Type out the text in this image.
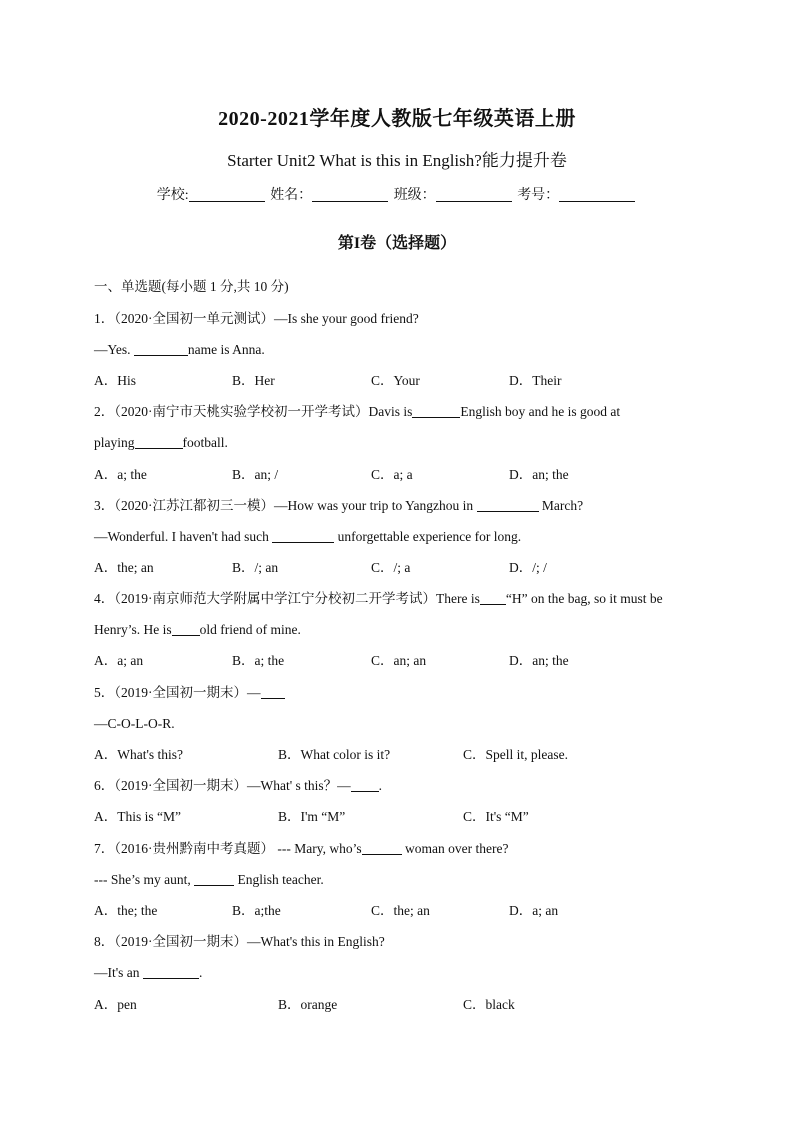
2020-2021学年度人教版七年级英语上册
Starter Unit2 What is this in English?能力提升卷
学校:	姓名：	班级：	考号：
第I卷（选择题）
一、单选题(每小题 1 分,共 10 分)
1．（2020·全国初一单元测试）—Is she your good friend?
—Yes.	name is Anna.
A．His	B．Her	C．Your	D．Their
2．（2020·南宁市天桃实验学校初一开学考试）Davis is	English boy and he is good at
playing	football.
A．a; the	B．an; /	C．a; a	D．an; the
3．（2020·江苏江都初三一模）—How was your trip to Yangzhou in	March?
—Wonderful. I haven't had such	unforgettable experience for long.
A．the; an	B．/; an	C．/; a	D．/; /
4．（2019·南京师范大学附属中学江宁分校初二开学考试）There is “H” on the bag, so it must be
Henry’s. He is old friend of mine.
A．a; an	B．a; the	C．an; an	D．an; the
5．（2019·全国初一期末）—
—C-O-L-O-R.
A．What's this?	B．What color is it?	C．Spell it, please.
6．（2019·全国初一期末）—What' s this？— .
A．This is “M”	B．I'm “M”	C．It's “M”
7．（2016·贵州黔南中考真题） --- Mary, who’s	woman over there?
--- She’s my aunt,	English teacher.
A．the; the	B．a;the	C．the; an	D．a; an
8．（2019·全国初一期末）—What's this in English?
—It's an	.
A．pen	B．orange	C．black
